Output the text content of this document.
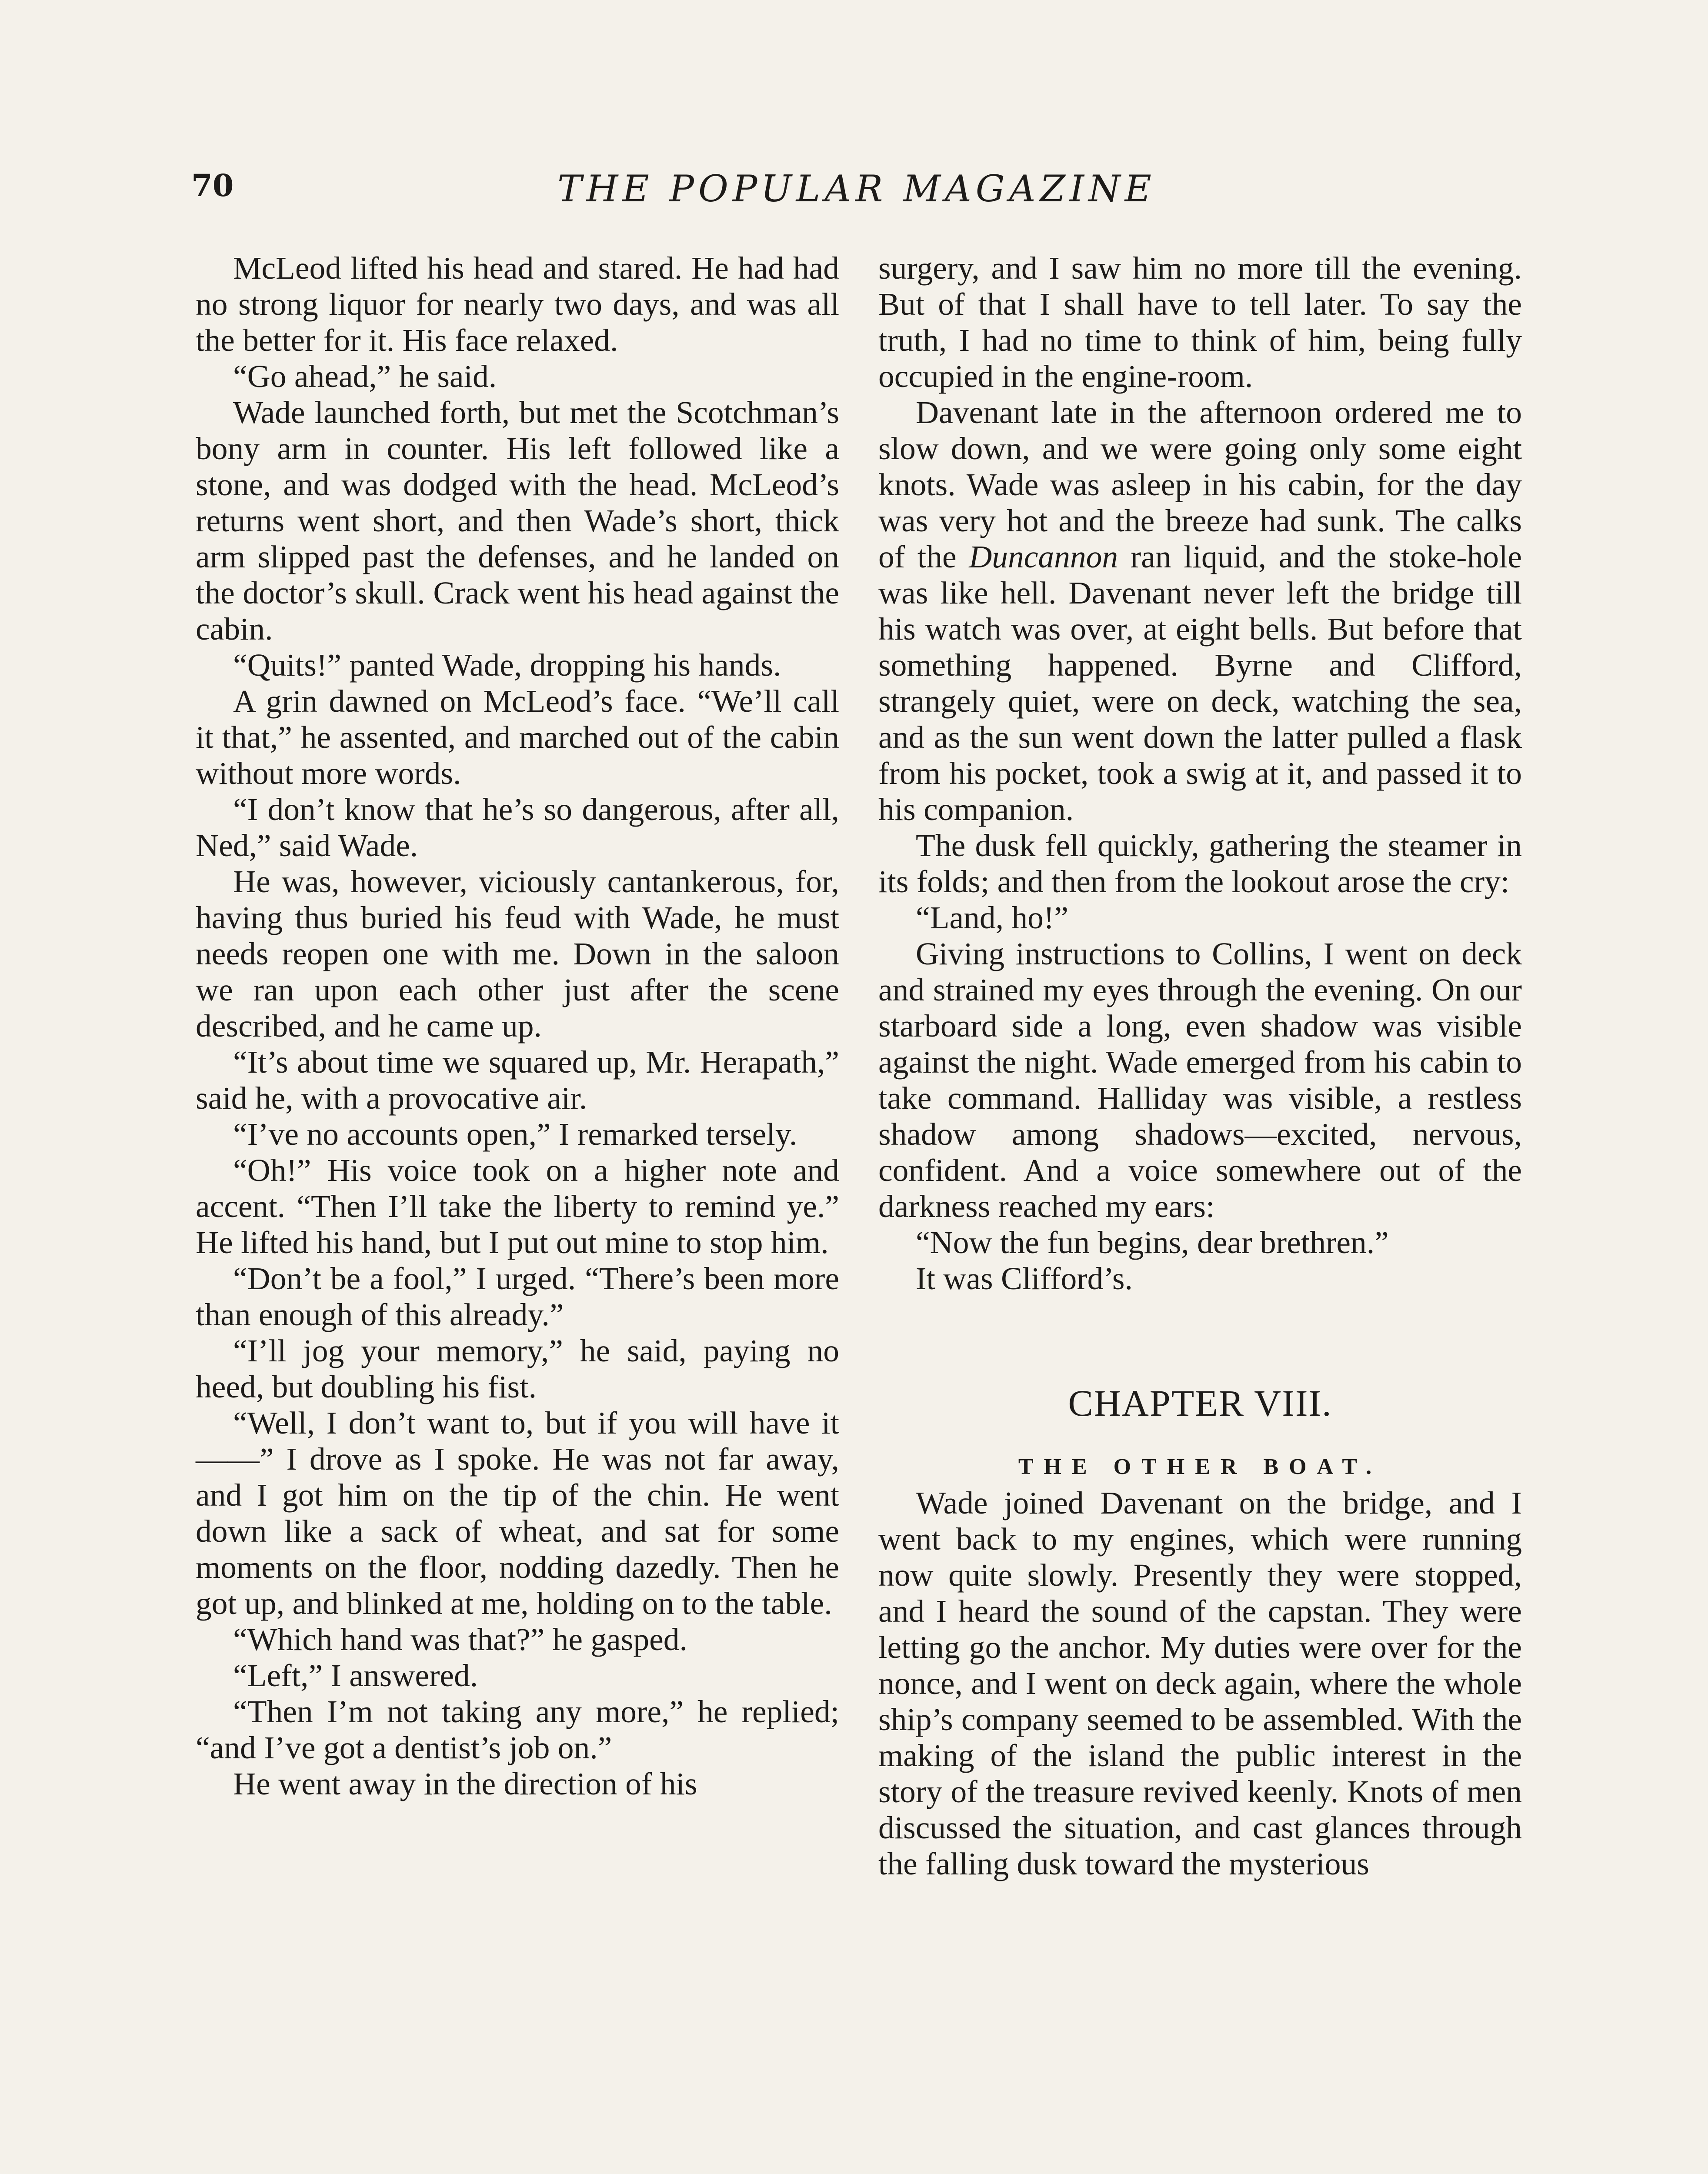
70	THE POPULAR MAGAZINE

McLeod lifted his head and stared. He had had no strong liquor for nearly two days, and was all the better for it. His face relaxed.

“Go ahead,” he said.

Wade launched forth, but met the Scotchman’s bony arm in counter. His left followed like a stone, and was dodged with the head. McLeod’s returns went short, and then Wade’s short, thick arm slipped past the defenses, and he landed on the doctor’s skull. Crack went his head against the cabin.

“Quits!” panted Wade, dropping his hands.

A grin dawned on McLeod’s face. “We’ll call it that,” he assented, and marched out of the cabin without more words.

“I don’t know that he’s so dangerous, after all, Ned,” said Wade.

He was, however, viciously cantankerous, for, having thus buried his feud with Wade, he must needs reopen one with me. Down in the saloon we ran upon each other just after the scene described, and he came up.

“It’s about time we squared up, Mr. Herapath,” said he, with a provocative air.

“I’ve no accounts open,” I remarked tersely.

“Oh!” His voice took on a higher note and accent. “Then I’ll take the liberty to remind ye.” He lifted his hand, but I put out mine to stop him.

“Don’t be a fool,” I urged. “There’s been more than enough of this already.”

“I’ll jog your memory,” he said, paying no heed, but doubling his fist.

“Well, I don’t want to, but if you will have it——” I drove as I spoke. He was not far away, and I got him on the tip of the chin. He went down like a sack of wheat, and sat for some moments on the floor, nodding dazedly. Then he got up, and blinked at me, holding on to the table.

“Which hand was that?” he gasped.

“Left,” I answered.

“Then I’m not taking any more,” he replied; “and I’ve got a dentist’s job on.”

He went away in the direction of his

surgery, and I saw him no more till the evening. But of that I shall have to tell later. To say the truth, I had no time to think of him, being fully occupied in the engine-room.

Davenant late in the afternoon ordered me to slow down, and we were going only some eight knots. Wade was asleep in his cabin, for the day was very hot and the breeze had sunk. The calks of the Duncannon ran liquid, and the stoke-hole was like hell. Davenant never left the bridge till his watch was over, at eight bells. But before that something happened. Byrne and Clifford, strangely quiet, were on deck, watching the sea, and as the sun went down the latter pulled a flask from his pocket, took a swig at it, and passed it to his companion.

The dusk fell quickly, gathering the steamer in its folds; and then from the lookout arose the cry:

“Land, ho!”

Giving instructions to Collins, I went on deck and strained my eyes through the evening. On our starboard side a long, even shadow was visible against the night. Wade emerged from his cabin to take command. Halliday was visible, a restless shadow among shadows—excited, nervous, confident. And a voice somewhere out of the darkness reached my ears:

“Now the fun begins, dear brethren.”

It was Clifford’s.

CHAPTER VIII.
THE OTHER BOAT.

Wade joined Davenant on the bridge, and I went back to my engines, which were running now quite slowly. Presently they were stopped, and I heard the sound of the capstan. They were letting go the anchor. My duties were over for the nonce, and I went on deck again, where the whole ship’s company seemed to be assembled. With the making of the island the public interest in the story of the treasure revived keenly. Knots of men discussed the situation, and cast glances through the falling dusk toward the mysterious
